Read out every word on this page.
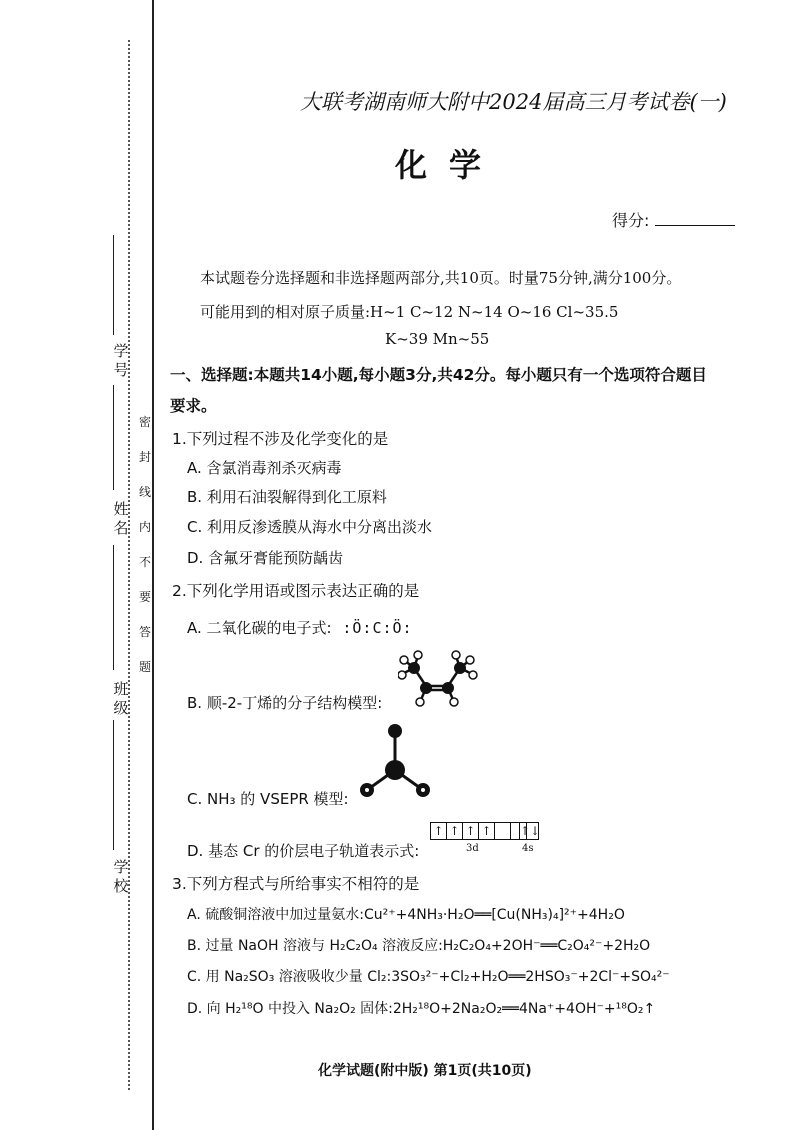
学号
姓名
班级
学校
密封线内不要答题
大联考湖南师大附中2024届高三月考试卷(一)
化学
得分:
本试题卷分选择题和非选择题两部分,共10页。时量75分钟,满分100分。
可能用到的相对原子质量:H~1 C~12 N~14 O~16 Cl~35.5
K~39 Mn~55
一、选择题:本题共14小题,每小题3分,共42分。每小题只有一个选项符合题目
要求。
1.下列过程不涉及化学变化的是
A. 含氯消毒剂杀灭病毒
B. 利用石油裂解得到化工原料
C. 利用反渗透膜从海水中分离出淡水
D. 含氟牙膏能预防龋齿
2.下列化学用语或图示表达正确的是
A. 二氧化碳的电子式: :Ö:C:Ö:
B. 顺-2-丁烯的分子结构模型:
C. NH₃ 的 VSEPR 模型:
D. 基态 Cr 的价层电子轨道表示式:
↑ ↑ ↑ ↑	↑↓
3d	4s
3.下列方程式与所给事实不相符的是
A. 硫酸铜溶液中加过量氨水:Cu²⁺+4NH₃·H₂O══[Cu(NH₃)₄]²⁺+4H₂O
B. 过量 NaOH 溶液与 H₂C₂O₄ 溶液反应:H₂C₂O₄+2OH⁻══C₂O₄²⁻+2H₂O
C. 用 Na₂SO₃ 溶液吸收少量 Cl₂:3SO₃²⁻+Cl₂+H₂O══2HSO₃⁻+2Cl⁻+SO₄²⁻
D. 向 H₂¹⁸O 中投入 Na₂O₂ 固体:2H₂¹⁸O+2Na₂O₂══4Na⁺+4OH⁻+¹⁸O₂↑
化学试题(附中版) 第1页(共10页)
